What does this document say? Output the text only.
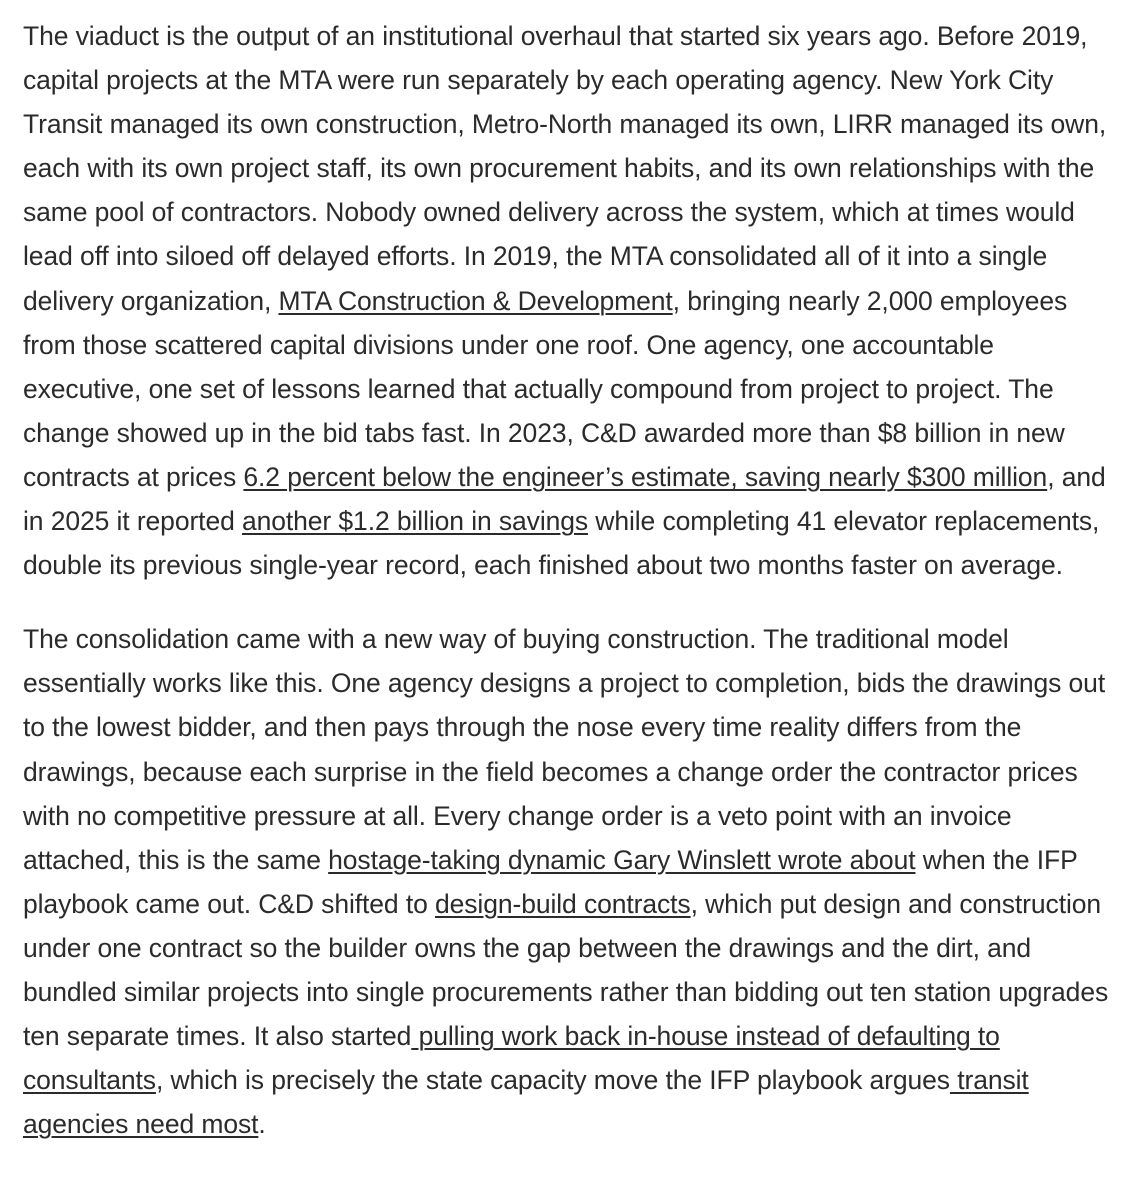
The viaduct is the output of an institutional overhaul that started six years ago. Before 2019, capital projects at the MTA were run separately by each operating agency. New York City Transit managed its own construction, Metro-North managed its own, LIRR managed its own, each with its own project staff, its own procurement habits, and its own relationships with the same pool of contractors. Nobody owned delivery across the system, which at times would lead off into siloed off delayed efforts. In 2019, the MTA consolidated all of it into a single delivery organization, MTA Construction & Development, bringing nearly 2,000 employees from those scattered capital divisions under one roof. One agency, one accountable executive, one set of lessons learned that actually compound from project to project. The change showed up in the bid tabs fast. In 2023, C&D awarded more than $8 billion in new contracts at prices 6.2 percent below the engineer’s estimate, saving nearly $300 million, and in 2025 it reported another $1.2 billion in savings while completing 41 elevator replacements, double its previous single-year record, each finished about two months faster on average.

The consolidation came with a new way of buying construction. The traditional model essentially works like this. One agency designs a project to completion, bids the drawings out to the lowest bidder, and then pays through the nose every time reality differs from the drawings, because each surprise in the field becomes a change order the contractor prices with no competitive pressure at all. Every change order is a veto point with an invoice attached, this is the same hostage-taking dynamic Gary Winslett wrote about when the IFP playbook came out. C&D shifted to design-build contracts, which put design and construction under one contract so the builder owns the gap between the drawings and the dirt, and bundled similar projects into single procurements rather than bidding out ten station upgrades ten separate times. It also started pulling work back in-house instead of defaulting to consultants, which is precisely the state capacity move the IFP playbook argues transit agencies need most.
